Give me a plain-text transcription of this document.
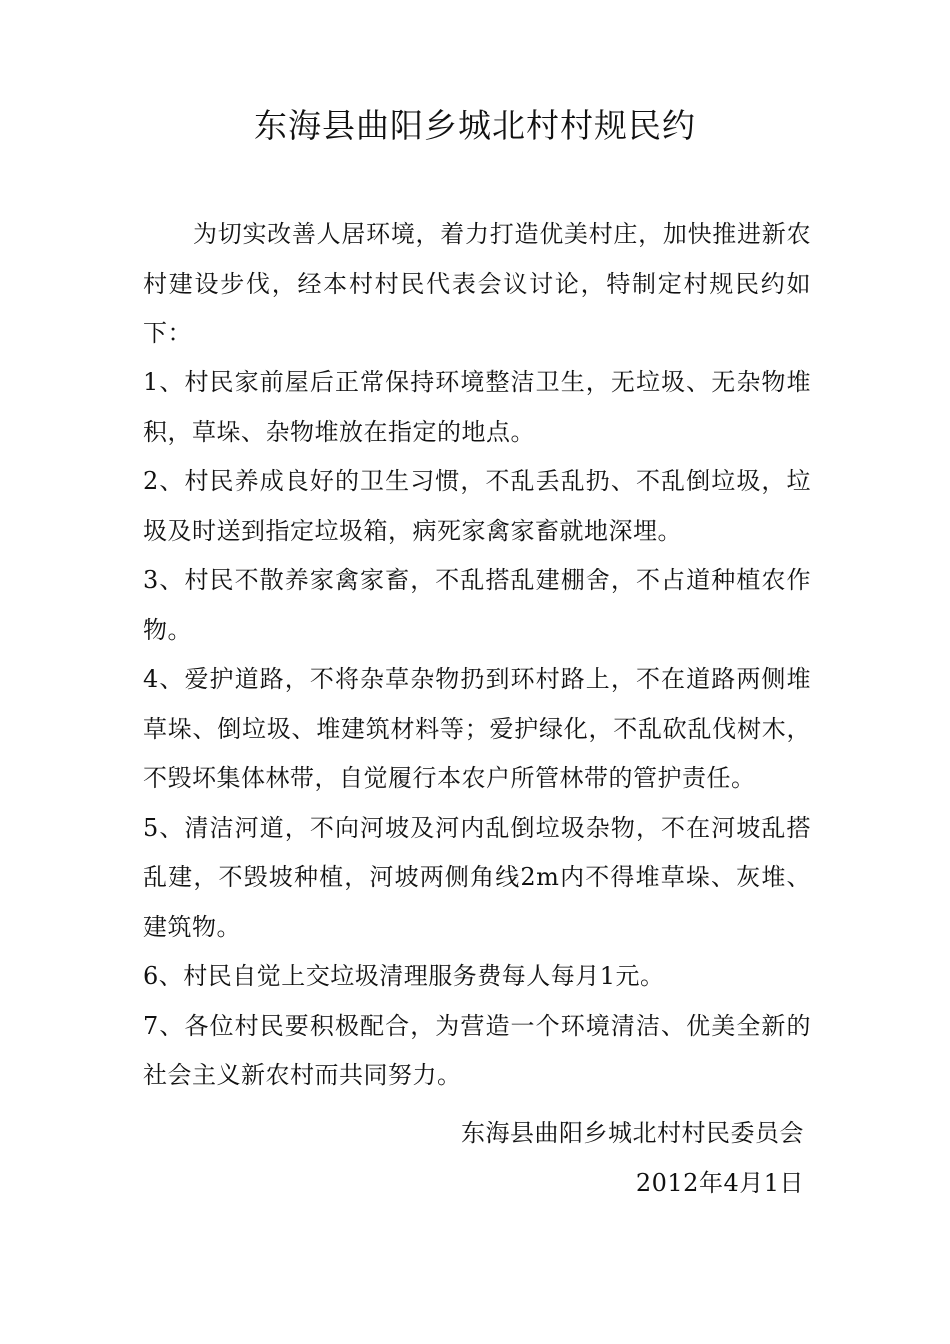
东海县曲阳乡城北村村规民约

为切实改善人居环境，着力打造优美村庄，加快推进新农村建设步伐，经本村村民代表会议讨论，特制定村规民约如下：

1、村民家前屋后正常保持环境整洁卫生，无垃圾、无杂物堆积，草垛、杂物堆放在指定的地点。

2、村民养成良好的卫生习惯，不乱丢乱扔、不乱倒垃圾，垃圾及时送到指定垃圾箱，病死家禽家畜就地深埋。

3、村民不散养家禽家畜，不乱搭乱建棚舍，不占道种植农作物。

4、爱护道路，不将杂草杂物扔到环村路上，不在道路两侧堆草垛、倒垃圾、堆建筑材料等；爱护绿化，不乱砍乱伐树木，不毁坏集体林带，自觉履行本农户所管林带的管护责任。

5、清洁河道，不向河坡及河内乱倒垃圾杂物，不在河坡乱搭乱建，不毁坡种植，河坡两侧角线2m内不得堆草垛、灰堆、建筑物。

6、村民自觉上交垃圾清理服务费每人每月1元。

7、各位村民要积极配合，为营造一个环境清洁、优美全新的社会主义新农村而共同努力。

东海县曲阳乡城北村村民委员会
2012年4月1日
